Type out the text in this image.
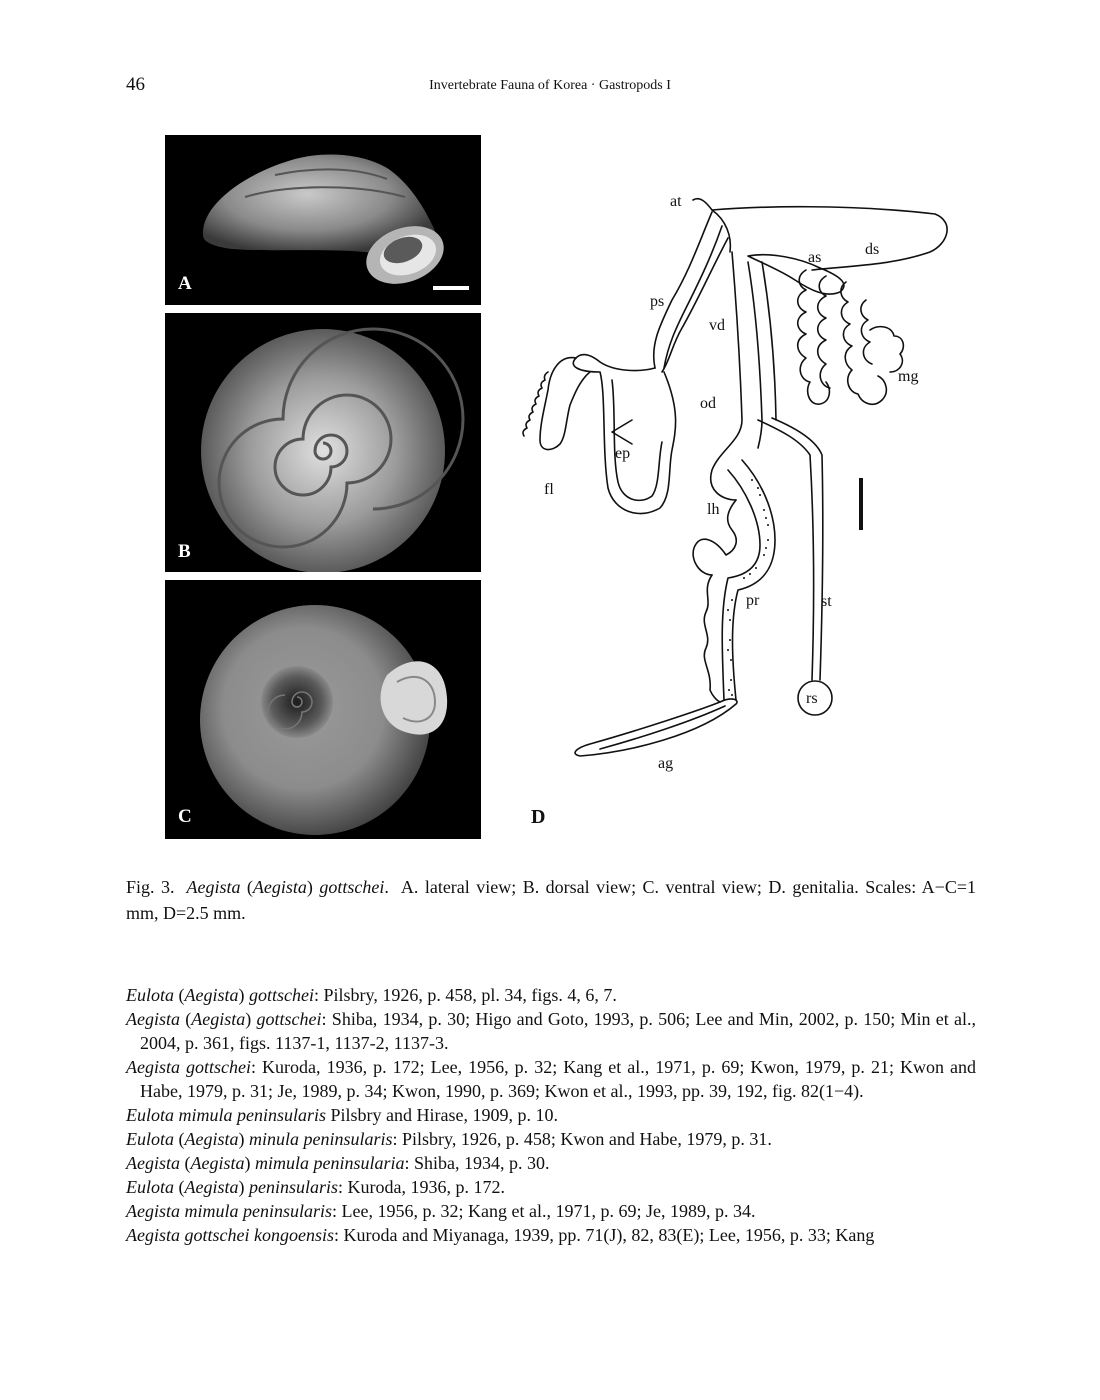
46	Invertebrate Fauna of Korea · Gastropods I
A
B
C
at
ds
as
ps
vd
mg
od
ep
fl
lh
pr	st
rs
ag
D
Fig. 3. Aegista (Aegista) gottschei. A. lateral view; B. dorsal view; C. ventral view; D. genitalia. Scales: A−C=1 mm, D=2.5 mm.
Eulota (Aegista) gottschei: Pilsbry, 1926, p. 458, pl. 34, figs. 4, 6, 7.
Aegista (Aegista) gottschei: Shiba, 1934, p. 30; Higo and Goto, 1993, p. 506; Lee and Min, 2002, p. 150; Min et al., 2004, p. 361, figs. 1137-1, 1137-2, 1137-3.
Aegista gottschei: Kuroda, 1936, p. 172; Lee, 1956, p. 32; Kang et al., 1971, p. 69; Kwon, 1979, p. 21; Kwon and Habe, 1979, p. 31; Je, 1989, p. 34; Kwon, 1990, p. 369; Kwon et al., 1993, pp. 39, 192, fig. 82(1−4).
Eulota mimula peninsularis Pilsbry and Hirase, 1909, p. 10.
Eulota (Aegista) minula peninsularis: Pilsbry, 1926, p. 458; Kwon and Habe, 1979, p. 31.
Aegista (Aegista) mimula peninsularia: Shiba, 1934, p. 30.
Eulota (Aegista) peninsularis: Kuroda, 1936, p. 172.
Aegista mimula peninsularis: Lee, 1956, p. 32; Kang et al., 1971, p. 69; Je, 1989, p. 34.
Aegista gottschei kongoensis: Kuroda and Miyanaga, 1939, pp. 71(J), 82, 83(E); Lee, 1956, p. 33; Kang
